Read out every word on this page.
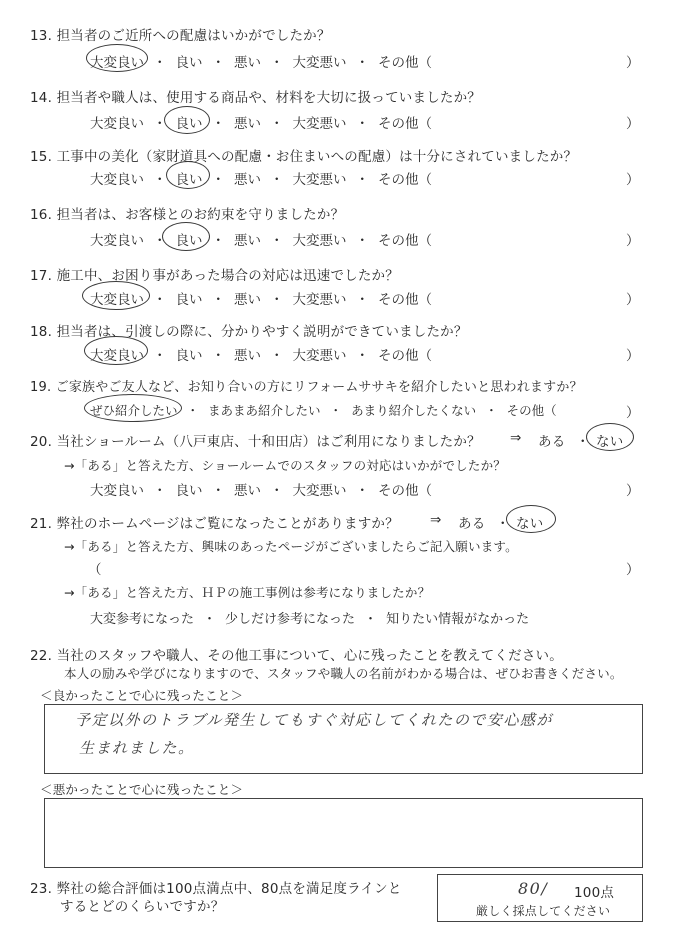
13. 担当者のご近所への配慮はいかがでしたか？
大変良い ・ 良い ・ 悪い ・ 大変悪い ・ その他（	）
14. 担当者や職人は、使用する商品や、材料を大切に扱っていましたか？
大変良い ・ 良い ・ 悪い ・ 大変悪い ・ その他（	）
15. 工事中の美化（家財道具への配慮・お住まいへの配慮）は十分にされていましたか？
大変良い ・ 良い ・ 悪い ・ 大変悪い ・ その他（	）
16. 担当者は、お客様とのお約束を守りましたか？
大変良い ・ 良い ・ 悪い ・ 大変悪い ・ その他（	）
17. 施工中、お困り事があった場合の対応は迅速でしたか？
大変良い ・ 良い ・ 悪い ・ 大変悪い ・ その他（	）
18. 担当者は、引渡しの際に、分かりやすく説明ができていましたか？
大変良い ・ 良い ・ 悪い ・ 大変悪い ・ その他（	）
19. ご家族やご友人など、お知り合いの方にリフォームササキを紹介したいと思われますか？
ぜひ紹介したい ・ まあまあ紹介したい ・ あまり紹介したくない ・ その他（	）
20. 当社ショールーム（八戸東店、十和田店）はご利用になりましたか？ ⇒ ある ・ ない
→「ある」と答えた方、ショールームでのスタッフの対応はいかがでしたか？
大変良い ・ 良い ・ 悪い ・ 大変悪い ・ その他（	）
21. 弊社のホームページはご覧になったことがありますか？ ⇒ ある ・ ない
→「ある」と答えた方、興味のあったページがございましたらご記入願います。
（	）
→「ある」と答えた方、ＨＰの施工事例は参考になりましたか？
大変参考になった ・ 少しだけ参考になった ・ 知りたい情報がなかった
22. 当社のスタッフや職人、その他工事について、心に残ったことを教えてください。
本人の励みや学びになりますので、スタッフや職人の名前がわかる場合は、ぜひお書きください。
＜良かったことで心に残ったこと＞
予定以外のトラブル発生してもすぐ対応してくれたので安心感が
生まれました。
＜悪かったことで心に残ったこと＞
23. 弊社の総合評価は100点満点中、80点を満足度ラインと
するとどのくらいですか？
80/ 100点
厳しく採点してください
